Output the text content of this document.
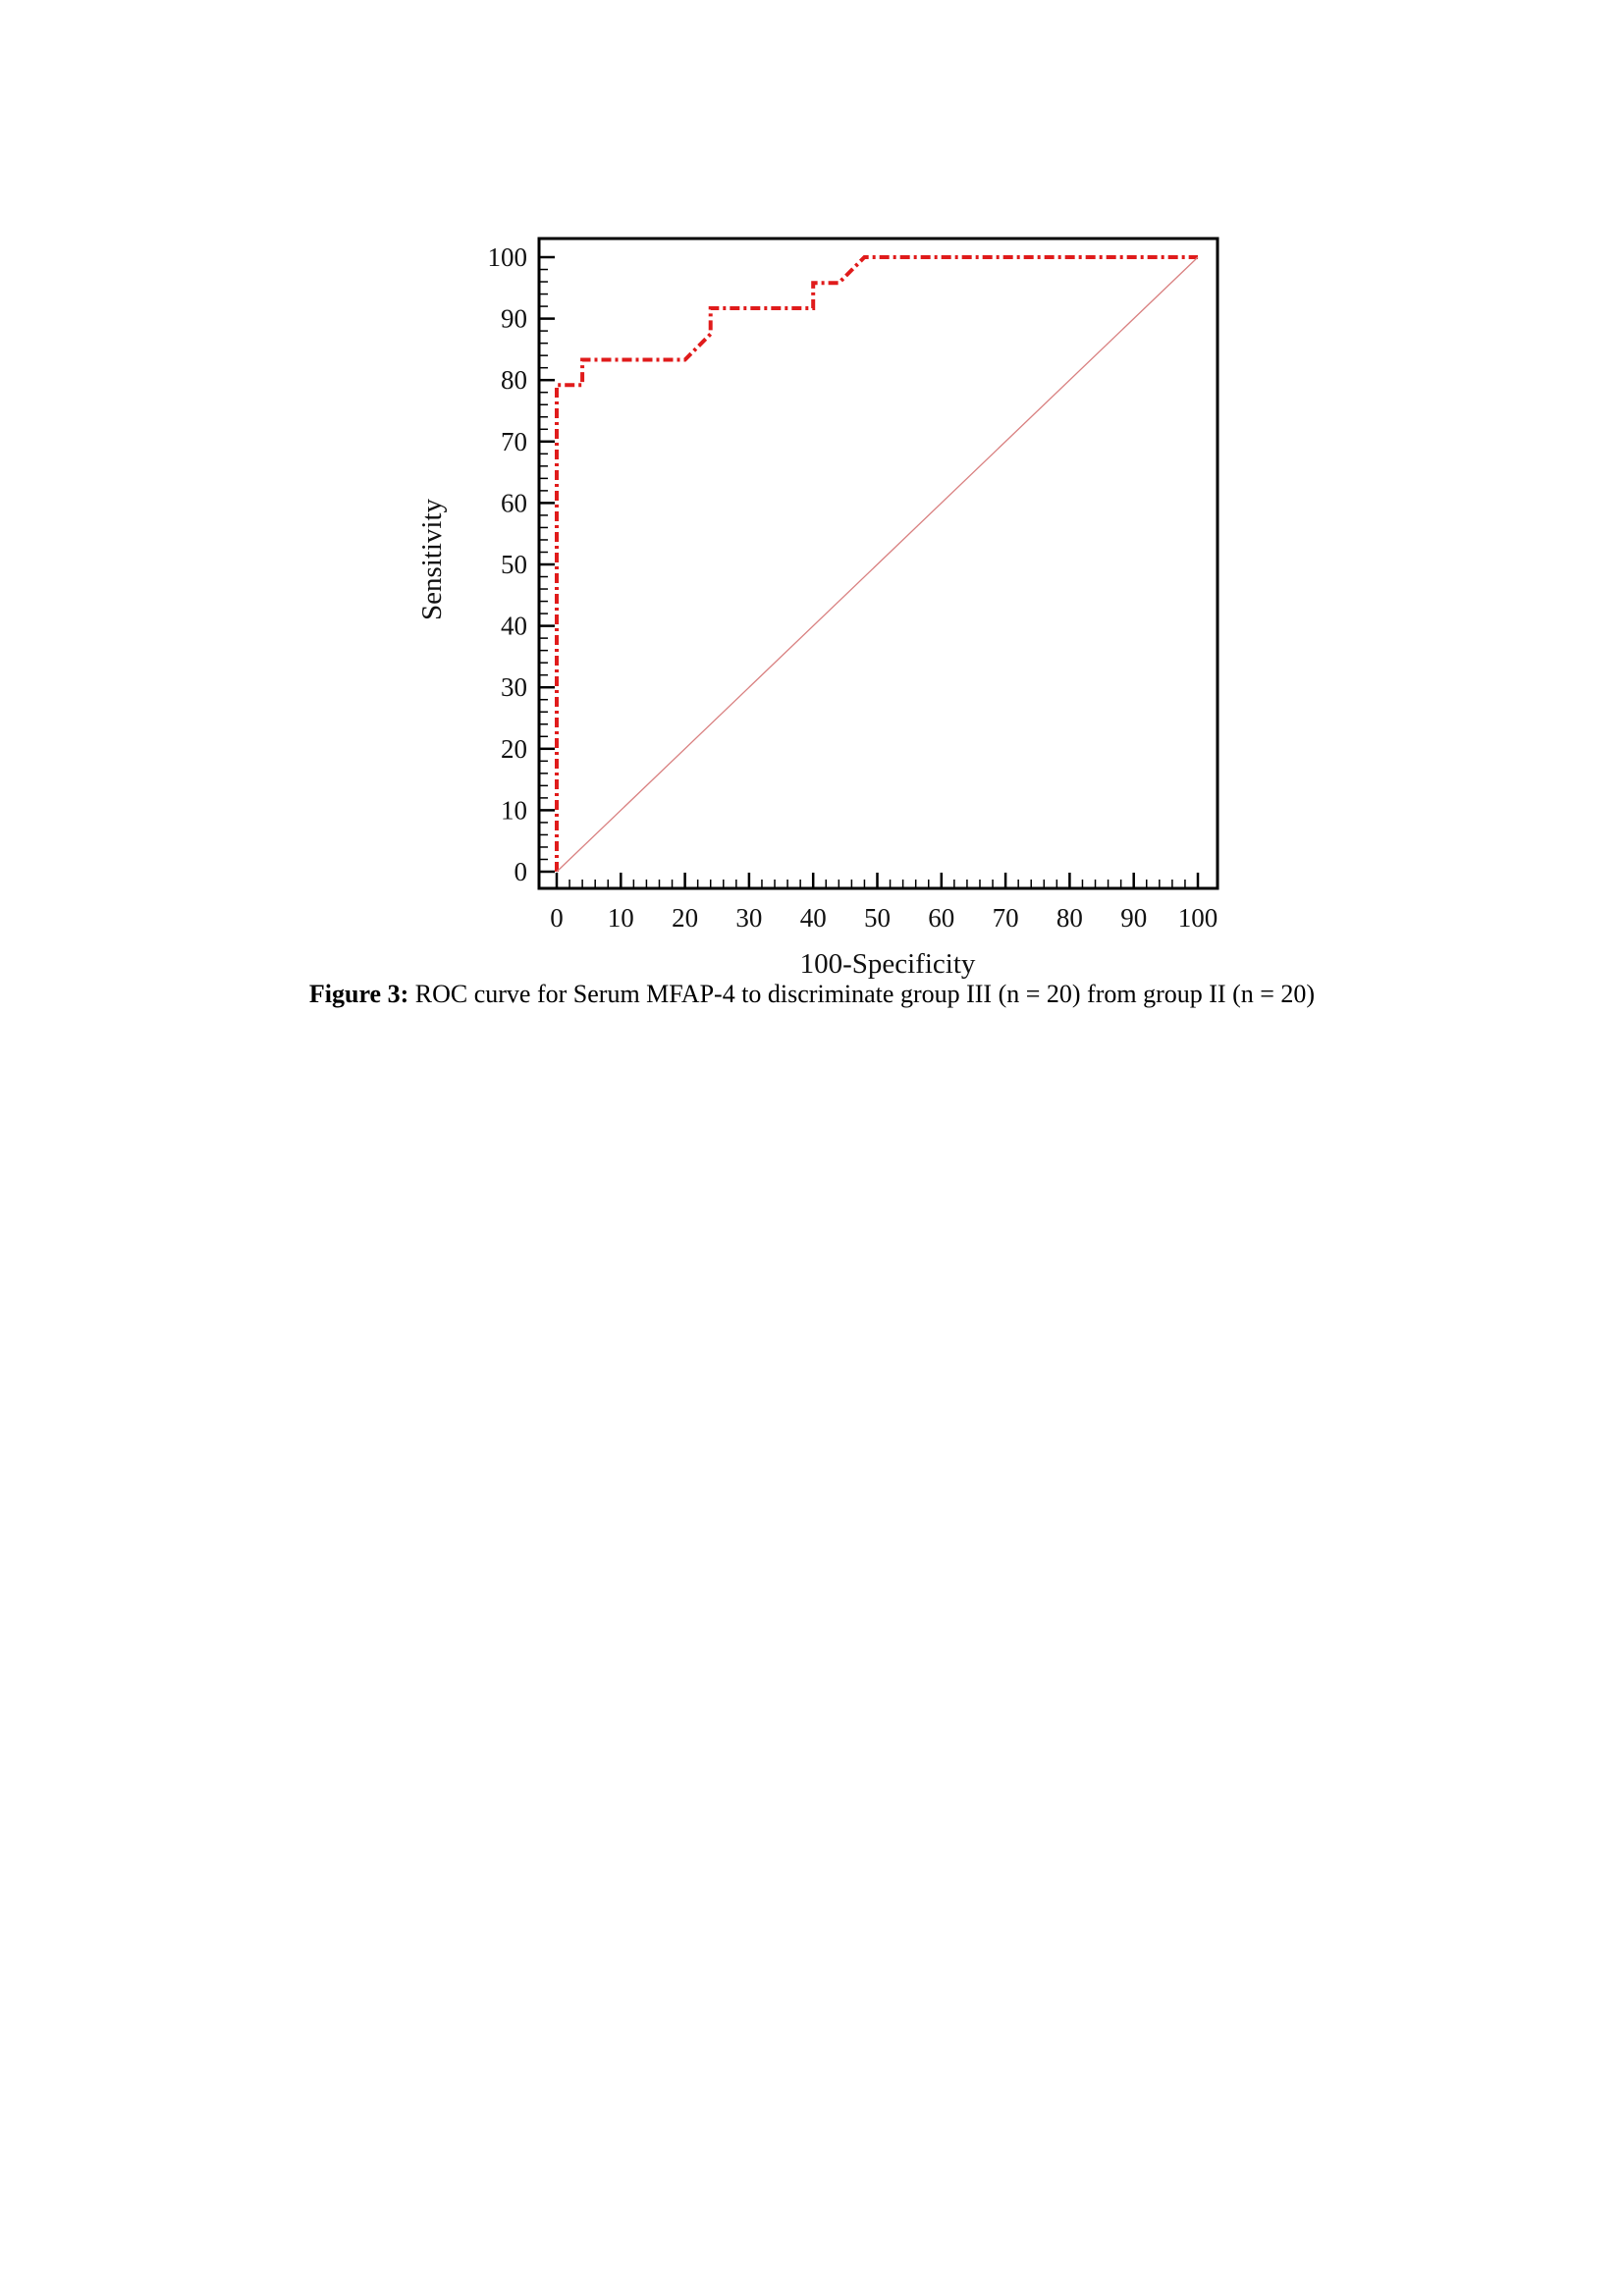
0
10
20
30
40
50
60
70
80
90
100
0 10 20 30 40 50 60 70 80 90 100
100-Specificity
Sensitivity
Figure 3: ROC curve for Serum MFAP-4 to discriminate group III (n = 20) from group II (n = 20)
